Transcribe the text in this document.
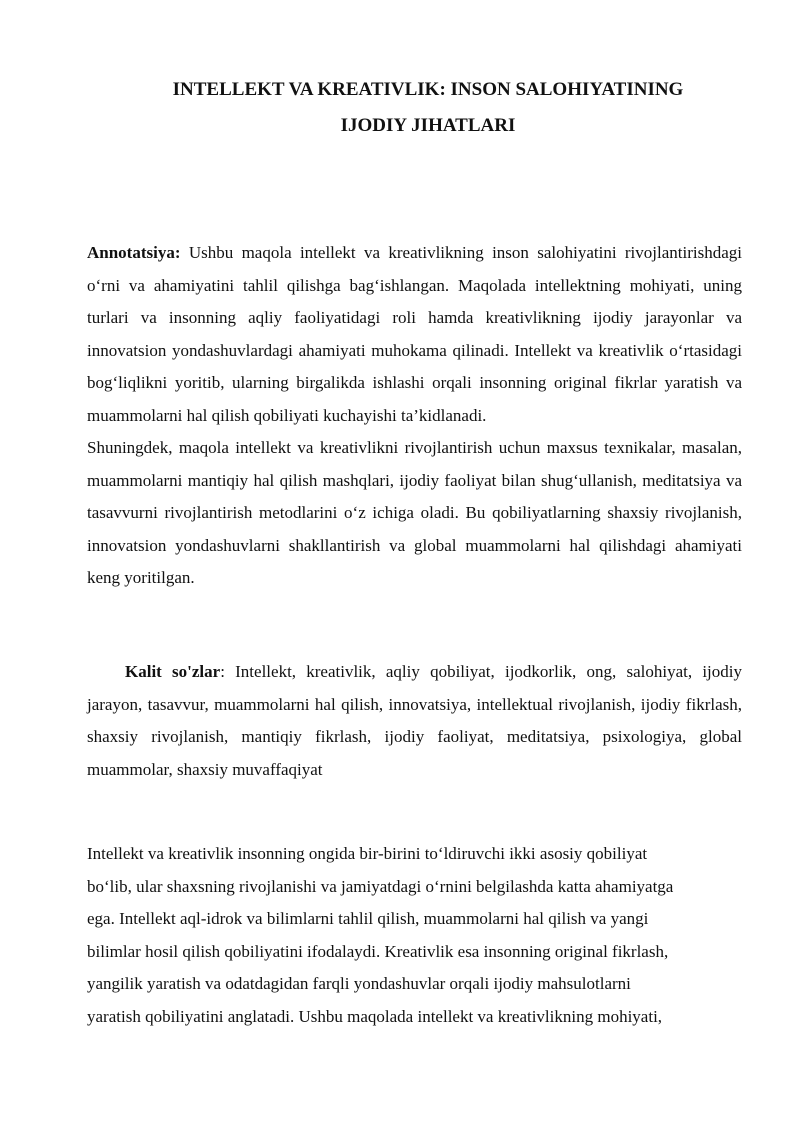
INTELLEKT VA KREATIVLIK: INSON SALOHIYATINING
IJODIY JIHATLARI

Annotatsiya: Ushbu maqola intellekt va kreativlikning inson salohiyatini rivojlantirishdagi o‘rni va ahamiyatini tahlil qilishga bag‘ishlangan. Maqolada intellektning mohiyati, uning turlari va insonning aqliy faoliyatidagi roli hamda kreativlikning ijodiy jarayonlar va innovatsion yondashuvlardagi ahamiyati muhokama qilinadi. Intellekt va kreativlik o‘rtasidagi bog‘liqlikni yoritib, ularning birgalikda ishlashi orqali insonning original fikrlar yaratish va muammolarni hal qilish qobiliyati kuchayishi ta’kidlanadi.

Shuningdek, maqola intellekt va kreativlikni rivojlantirish uchun maxsus texnikalar, masalan, muammolarni mantiqiy hal qilish mashqlari, ijodiy faoliyat bilan shug‘ullanish, meditatsiya va tasavvurni rivojlantirish metodlarini o‘z ichiga oladi. Bu qobiliyatlarning shaxsiy rivojlanish, innovatsion yondashuvlarni shakllantirish va global muammolarni hal qilishdagi ahamiyati keng yoritilgan.

Kalit so'zlar: Intellekt, kreativlik, aqliy qobiliyat, ijodkorlik, ong, salohiyat, ijodiy jarayon, tasavvur, muammolarni hal qilish, innovatsiya, intellektual rivojlanish, ijodiy fikrlash, shaxsiy rivojlanish, mantiqiy fikrlash, ijodiy faoliyat, meditatsiya, psixologiya, global muammolar, shaxsiy muvaffaqiyat

Intellekt va kreativlik insonning ongida bir-birini to‘ldiruvchi ikki asosiy qobiliyat
bo‘lib, ular shaxsning rivojlanishi va jamiyatdagi o‘rnini belgilashda katta ahamiyatga
ega. Intellekt aql-idrok va bilimlarni tahlil qilish, muammolarni hal qilish va yangi
bilimlar hosil qilish qobiliyatini ifodalaydi. Kreativlik esa insonning original fikrlash,
yangilik yaratish va odatdagidan farqli yondashuvlar orqali ijodiy mahsulotlarni
yaratish qobiliyatini anglatadi. Ushbu maqolada intellekt va kreativlikning mohiyati,
